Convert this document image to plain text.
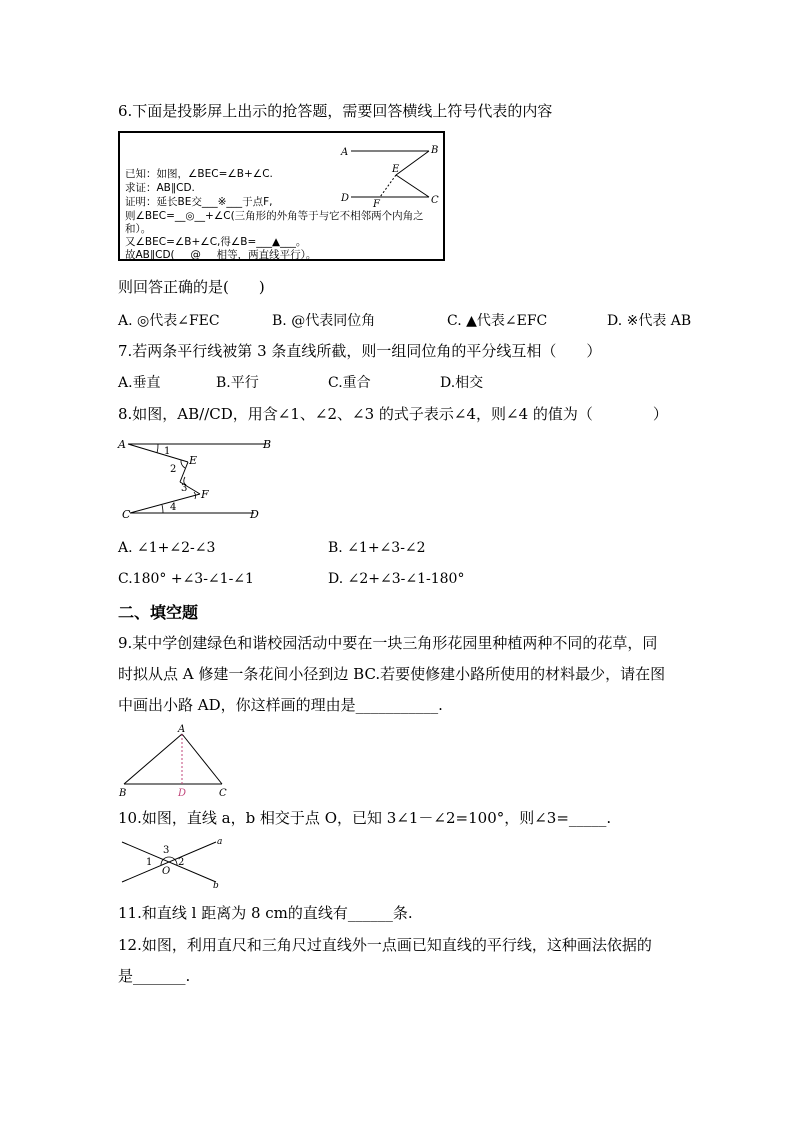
6.下面是投影屏上出示的抢答题，需要回答横线上符号代表的内容
已知：如图，∠BEC=∠B+∠C.
求证：AB∥CD.
证明：延长BE交___※___于点F,
则∠BEC=__◎__+∠C(三角形的外角等于与它不相邻两个内角之
和）。
又∠BEC=∠B+∠C,得∠B=___▲___。
故AB∥CD(___@___相等，两直线平行）。
A	B
E
D
F	C
则回答正确的是(　　)
A. ◎代表∠FEC	B. @代表同位角	C. ▲代表∠EFC	D. ※代表 AB
7.若两条平行线被第 3 条直线所截，则一组同位角的平分线互相（　　）
A.垂直	B.平行	C.重合	D.相交
8.如图，AB//CD，用含∠1、∠2、∠3 的式子表示∠4，则∠4 的值为（　　　　）
A	B
1
E
2
3 F
C
4
D
A. ∠1+∠2-∠3	B. ∠1+∠3-∠2
C.180° +∠3-∠1-∠1	D. ∠2+∠3-∠1-180°
二、填空题
9.某中学创建绿色和谐校园活动中要在一块三角形花园里种植两种不同的花草，同
时拟从点 A 修建一条花间小径到边 BC.若要使修建小路所使用的材料最少，请在图
中画出小路 AD，你这样画的理由是___________.
A
B	D	C
10.如图，直线 a，b 相交于点 O，已知 3∠1－∠2=100°，则∠3=_____.
a
3
1
O
2
b
11.和直线 l 距离为 8 cm的直线有______条.
12.如图，利用直尺和三角尺过直线外一点画已知直线的平行线，这种画法依据的
是_______.
